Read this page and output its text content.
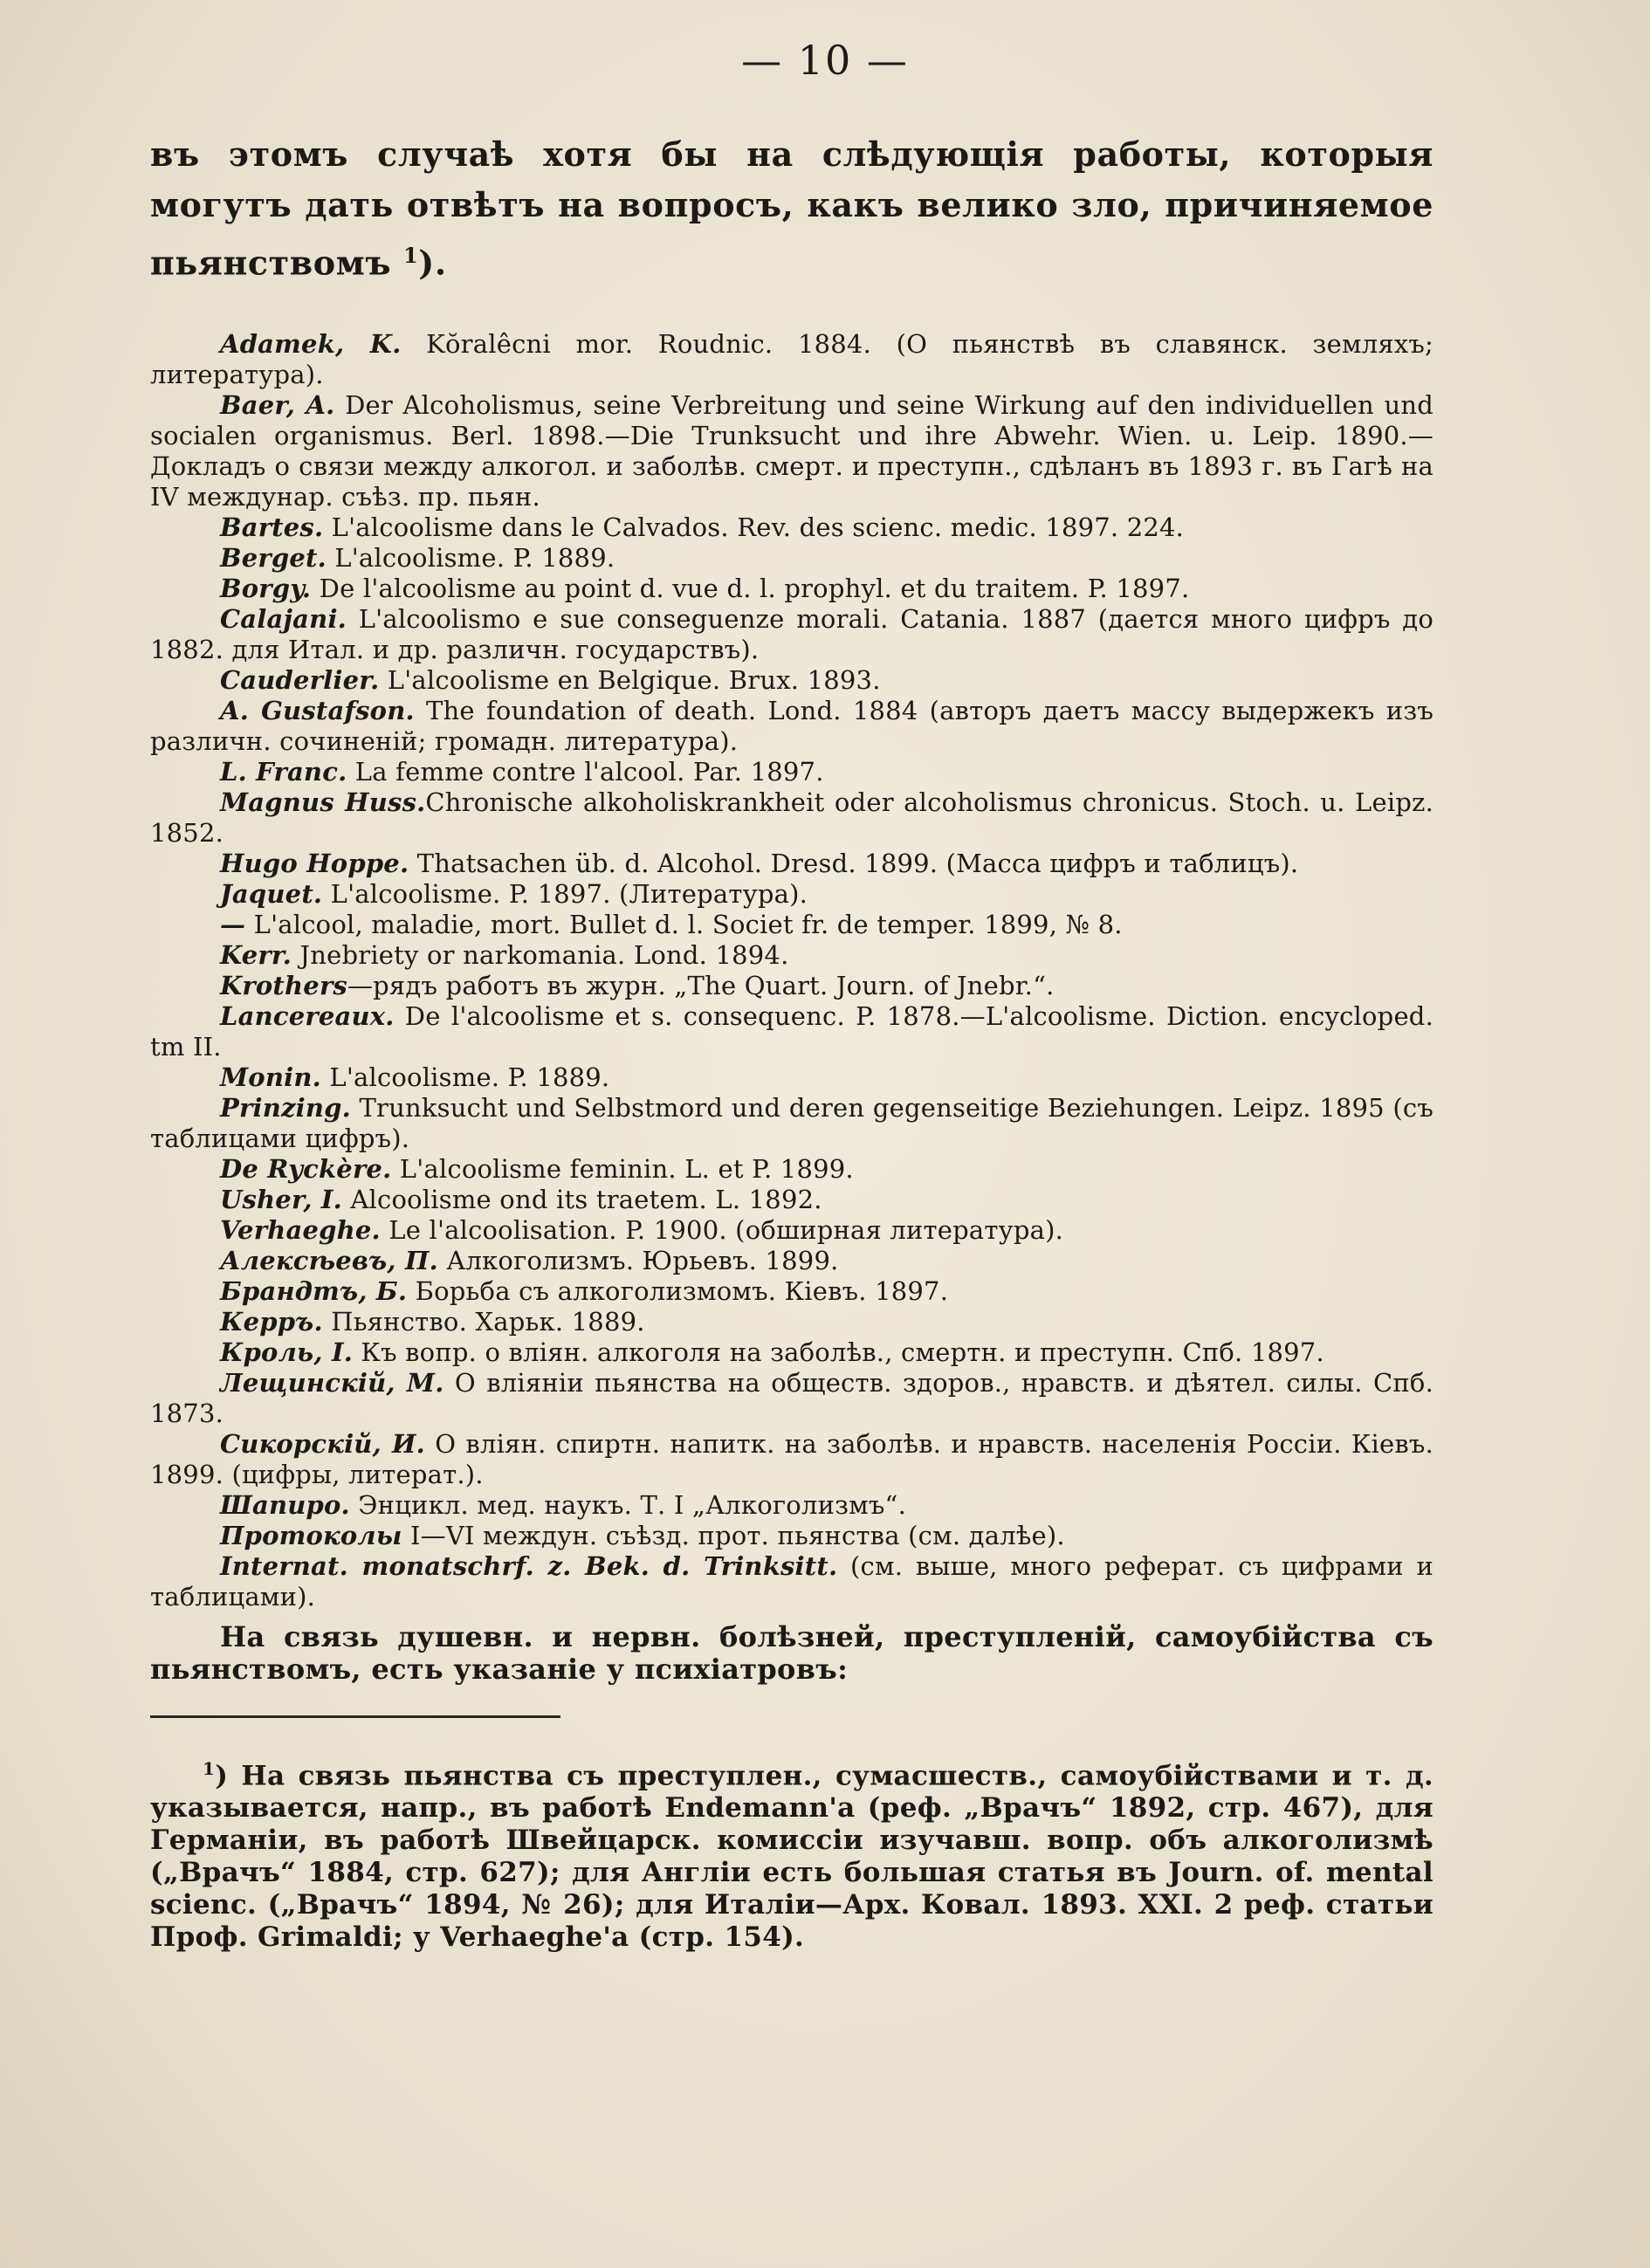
— 10 —

въ этомъ случаѣ хотя бы на слѣдующія работы, которыя могутъ дать отвѣтъ на вопросъ, какъ велико зло, причиняемое пьянствомъ $^1$).

Adamek, K. Kŏralêcni mor. Roudnic. 1884. (О пьянствѣ въ славянск. земляхъ; литература).

Baer, A. Der Alcoholismus, seine Verbreitung und seine Wirkung auf den individuellen und socialen organismus. Berl. 1898.—Die Trunksucht und ihre Abwehr. Wien. u. Leip. 1890.—Докладъ о связи между алкогол. и заболѣв. смерт. и преступн., сдѣланъ въ 1893 г. въ Гагѣ на IV междунар. съѣз. пр. пьян.

Bartes. L'alcoolisme dans le Calvados. Rev. des scienc. medic. 1897. 224.

Berget. L'alcoolisme. P. 1889.

Borgy. De l'alcoolisme au point d. vue d. l. prophyl. et du traitem. P. 1897.

Calajani. L'alcoolismo e sue conseguenze morali. Catania. 1887 (дается много цифръ до 1882. для Итал. и др. различн. государствъ).

Cauderlier. L'alcoolisme en Belgique. Brux. 1893.

A. Gustafson. The foundation of death. Lond. 1884 (авторъ даетъ массу выдержекъ изъ различн. сочиненій; громадн. литература).

L. Franc. La femme contre l'alcool. Par. 1897.

Magnus Huss.Chronische alkoholiskrankheit oder alcoholismus chronicus. Stoch. u. Leipz. 1852.

Hugo Hoppe. Thatsachen üb. d. Alcohol. Dresd. 1899. (Масса цифръ и таблицъ).

Jaquet. L'alcoolisme. P. 1897. (Литература).

— L'alcool, maladie, mort. Bullet d. l. Societ fr. de temper. 1899, № 8.

Kerr. Jnebriety or narkomania. Lond. 1894.

Krothers—рядъ работъ въ журн. „The Quart. Journ. of Jnebr.“.

Lancereaux. De l'alcoolisme et s. consequenc. P. 1878.—L'alcoolisme. Diction. encycloped. tm II.

Monin. L'alcoolisme. P. 1889.

Prinzing. Trunksucht und Selbstmord und deren gegenseitige Beziehungen. Leipz. 1895 (съ таблицами цифръ).

De Ryckère. L'alcoolisme feminin. L. et P. 1899.

Usher, I. Alcoolisme ond its traetem. L. 1892.

Verhaeghe. Le l'alcoolisation. P. 1900. (обширная литература).

Алексѣевъ, П. Алкоголизмъ. Юрьевъ. 1899.

Брандтъ, Б. Борьба съ алкоголизмомъ. Кіевъ. 1897.

Керръ. Пьянство. Харьк. 1889.

Кроль, І. Къ вопр. о вліян. алкоголя на заболѣв., смертн. и преступн. Спб. 1897.

Лещинскій, М. О вліяніи пьянства на обществ. здоров., нравств. и дѣятел. силы. Спб. 1873.

Сикорскій, И. О вліян. спиртн. напитк. на заболѣв. и нравств. населенія Россіи. Кіевъ. 1899. (цифры, литерат.).

Шапиро. Энцикл. мед. наукъ. Т. I „Алкоголизмъ“.

Протоколы I—VI междун. съѣзд. прот. пьянства (см. далѣе).

Internat. monatschrf. z. Bek. d. Trinksitt. (см. выше, много реферат. съ цифрами и таблицами).

На связь душевн. и нервн. болѣзней, преступленій, самоубійства съ пьянствомъ, есть указаніе у психіатровъ:

$^1$) На связь пьянства съ преступлен., сумасшеств., самоубійствами и т. д. указывается, напр., въ работѣ Endemann'a (реф. „Врачъ“ 1892, стр. 467), для Германіи, въ работѣ Швейцарск. комиссіи изучавш. вопр. объ алкоголизмѣ („Врачъ“ 1884, стр. 627); для Англіи есть большая статья въ Journ. of. mental scienc. („Врачъ“ 1894, № 26); для Италіи—Арх. Ковал. 1893. XXI. 2 реф. статьи Проф. Grimaldi; у Verhaeghe'a (стр. 154).
